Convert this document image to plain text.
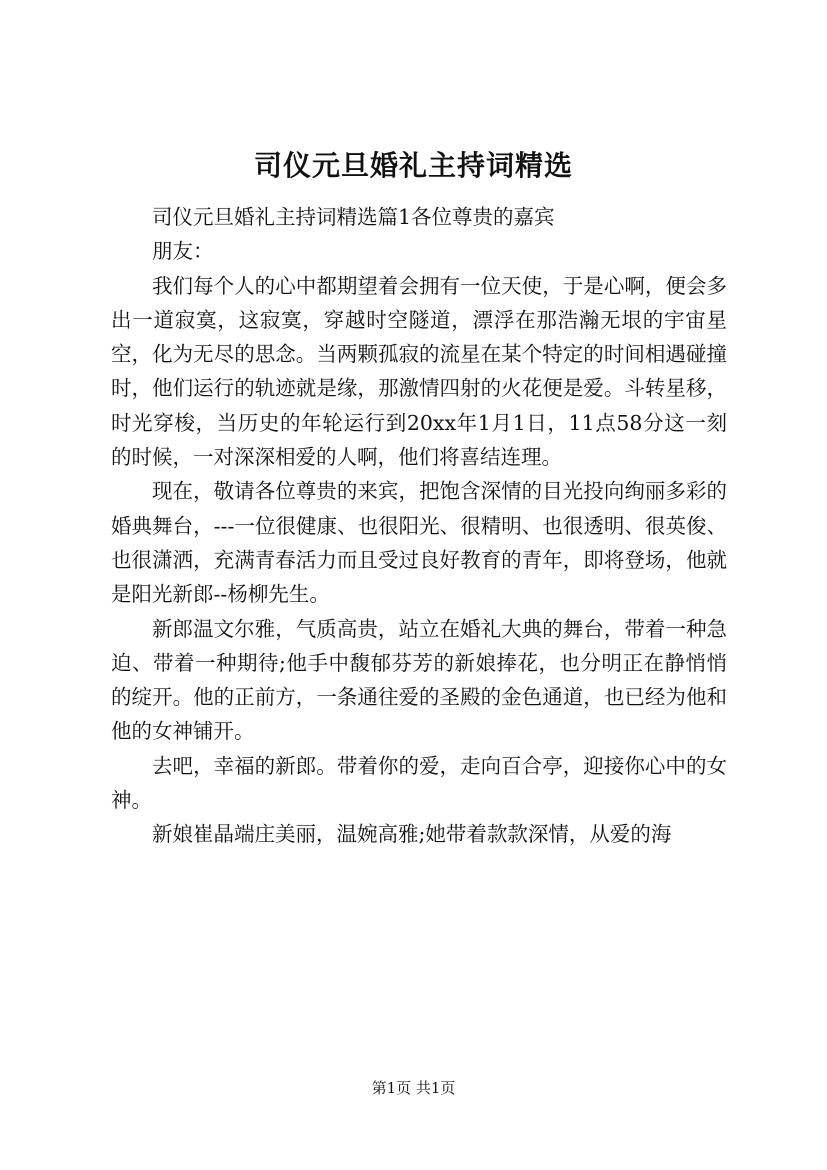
司仪元旦婚礼主持词精选

司仪元旦婚礼主持词精选篇1各位尊贵的嘉宾

朋友：

我们每个人的心中都期望着会拥有一位天使，于是心啊，便会多出一道寂寞，这寂寞，穿越时空隧道，漂浮在那浩瀚无垠的宇宙星空，化为无尽的思念。当两颗孤寂的流星在某个特定的时间相遇碰撞时，他们运行的轨迹就是缘，那激情四射的火花便是爱。斗转星移，时光穿梭，当历史的年轮运行到20xx年1月1日，11点58分这一刻的时候，一对深深相爱的人啊，他们将喜结连理。

现在，敬请各位尊贵的来宾，把饱含深情的目光投向绚丽多彩的婚典舞台，---一位很健康、也很阳光、很精明、也很透明、很英俊、也很潇洒，充满青春活力而且受过良好教育的青年，即将登场，他就是阳光新郎--杨柳先生。

新郎温文尔雅，气质高贵，站立在婚礼大典的舞台，带着一种急迫、带着一种期待;他手中馥郁芬芳的新娘捧花，也分明正在静悄悄的绽开。他的正前方，一条通往爱的圣殿的金色通道，也已经为他和他的女神铺开。

去吧，幸福的新郎。带着你的爱，走向百合亭，迎接你心中的女神。

新娘崔晶端庄美丽，温婉高雅;她带着款款深情，从爱的海

第1页 共1页
